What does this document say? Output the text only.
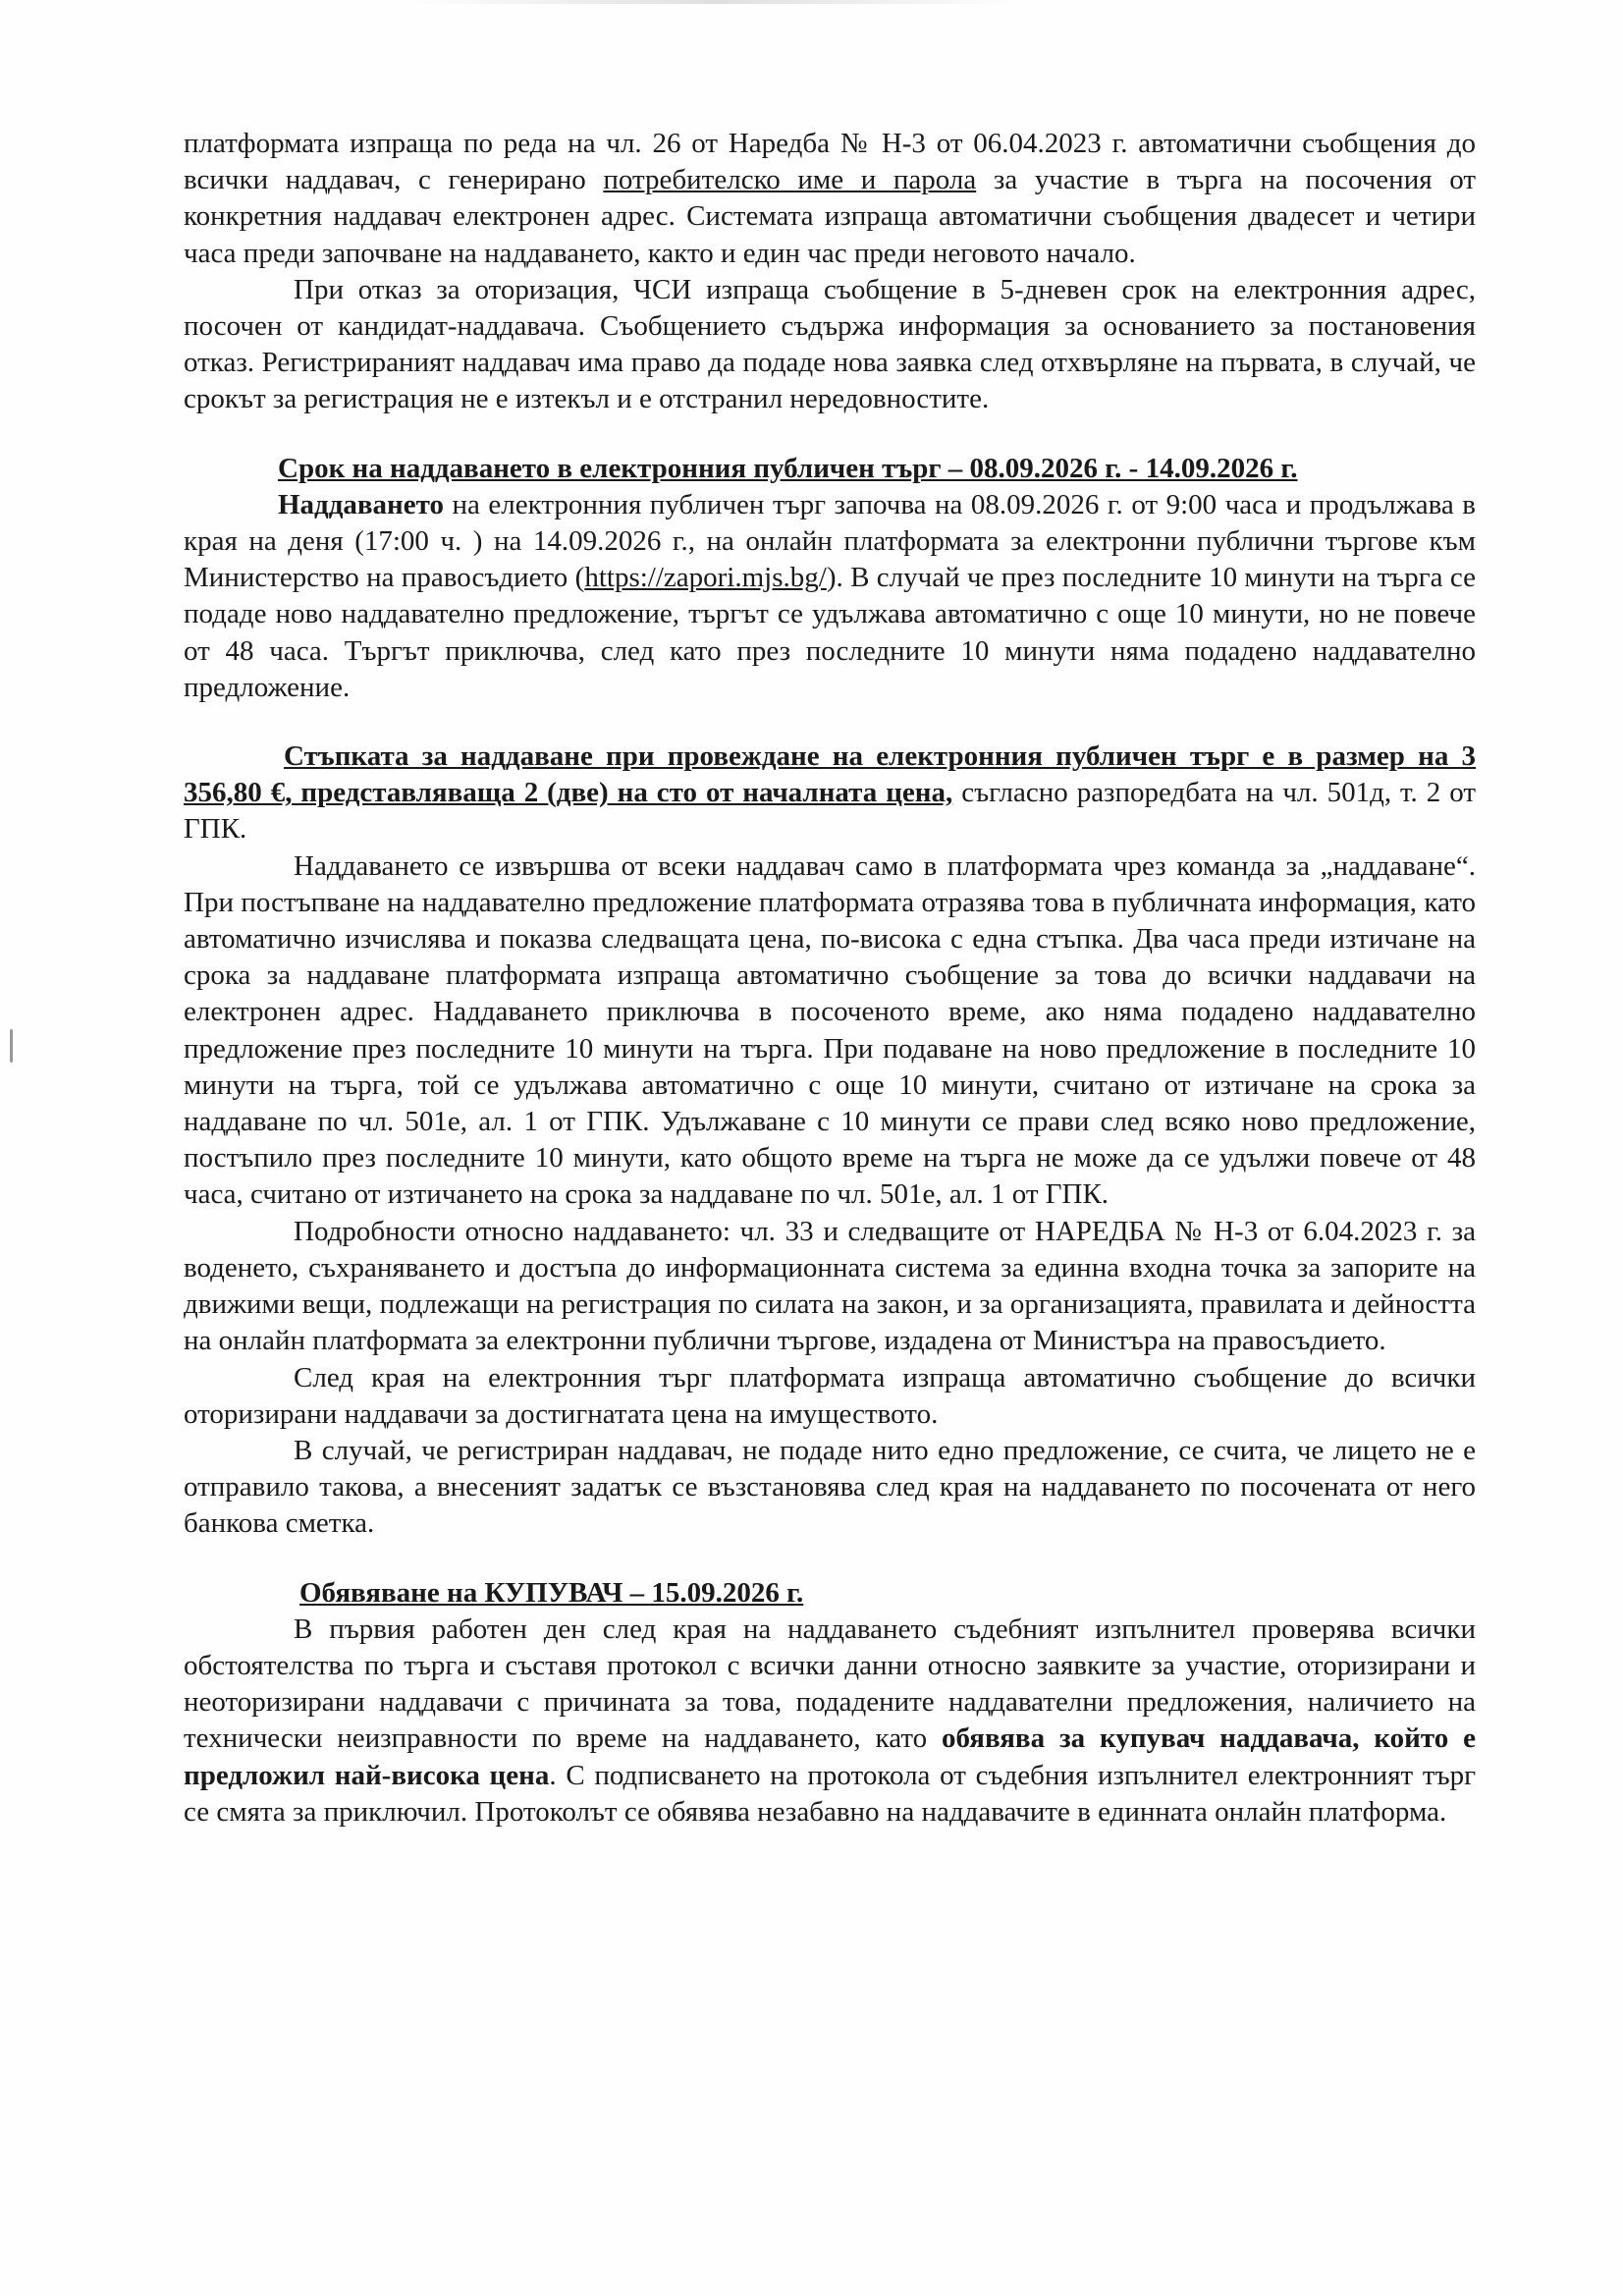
платформата изпраща по реда на чл. 26 от Наредба № Н-3 от 06.04.2023 г. автоматични съобщения до всички наддавач, с генерирано потребителско име и парола за участие в търга на посочения от конкретния наддавач електронен адрес. Системата изпраща автоматични съобщения двадесет и четири часа преди започване на наддаването, както и един час преди неговото начало.

При отказ за оторизация, ЧСИ изпраща съобщение в 5-дневен срок на електронния адрес, посочен от кандидат-наддавача. Съобщението съдържа информация за основанието за постановения отказ. Регистрираният наддавач има право да подаде нова заявка след отхвърляне на първата, в случай, че срокът за регистрация не е изтекъл и е отстранил нередовностите.

Срок на наддаването в електронния публичен търг – 08.09.2026 г. - 14.09.2026 г.

Наддаването на електронния публичен търг започва на 08.09.2026 г. от 9:00 часа и продължава в края на деня (17:00 ч. ) на 14.09.2026 г., на онлайн платформата за електронни публични търгове към Министерство на правосъдието (https://zapori.mjs.bg/). В случай че през последните 10 минути на търга се подаде ново наддавателно предложение, търгът се удължава автоматично с още 10 минути, но не повече от 48 часа. Търгът приключва, след като през последните 10 минути няма подадено наддавателно предложение.

Стъпката за наддаване при провеждане на електронния публичен търг е в размер на 3 356,80 €, представляваща 2 (две) на сто от началната цена, съгласно разпоредбата на чл. 501д, т. 2 от ГПК.

Наддаването се извършва от всеки наддавач само в платформата чрез команда за „наддаване“. При постъпване на наддавателно предложение платформата отразява това в публичната информация, като автоматично изчислява и показва следващата цена, по-висока с една стъпка. Два часа преди изтичане на срока за наддаване платформата изпраща автоматично съобщение за това до всички наддавачи на електронен адрес. Наддаването приключва в посоченото време, ако няма подадено наддавателно предложение през последните 10 минути на търга. При подаване на ново предложение в последните 10 минути на търга, той се удължава автоматично с още 10 минути, считано от изтичане на срока за наддаване по чл. 501е, ал. 1 от ГПК. Удължаване с 10 минути се прави след всяко ново предложение, постъпило през последните 10 минути, като общото време на търга не може да се удължи повече от 48 часа, считано от изтичането на срока за наддаване по чл. 501е, ал. 1 от ГПК.

Подробности относно наддаването: чл. 33 и следващите от НАРЕДБА № Н-3 от 6.04.2023 г. за воденето, съхраняването и достъпа до информационната система за единна входна точка за запорите на движими вещи, подлежащи на регистрация по силата на закон, и за организацията, правилата и дейността на онлайн платформата за електронни публични търгове, издадена от Министъра на правосъдието.

След края на електронния търг платформата изпраща автоматично съобщение до всички оторизирани наддавачи за достигнатата цена на имуществото.

В случай, че регистриран наддавач, не подаде нито едно предложение, се счита, че лицето не е отправило такова, а внесеният задатък се възстановява след края на наддаването по посочената от него банкова сметка.

Обявяване на КУПУВАЧ – 15.09.2026 г.

В първия работен ден след края на наддаването съдебният изпълнител проверява всички обстоятелства по търга и съставя протокол с всички данни относно заявките за участие, оторизирани и неоторизирани наддавачи с причината за това, подадените наддавателни предложения, наличието на технически неизправности по време на наддаването, като обявява за купувач наддавача, който е предложил най-висока цена. С подписването на протокола от съдебния изпълнител електронният търг се смята за приключил. Протоколът се обявява незабавно на наддавачите в единната онлайн платформа.
